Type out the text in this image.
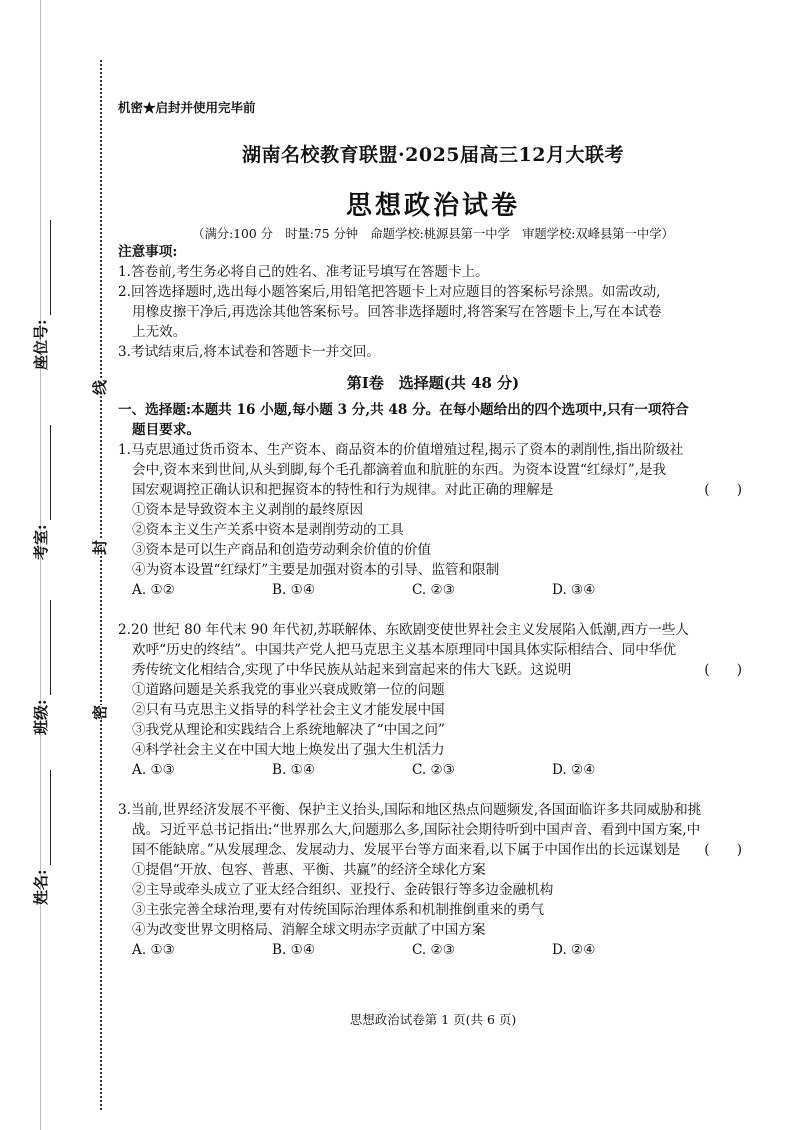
线
封
密
座位号:
考室:
班级:
姓名:
机密★启封并使用完毕前
湖南名校教育联盟·2025届高三12月大联考
思想政治试卷
（满分:100 分　时量:75 分钟　命题学校:桃源县第一中学　审题学校:双峰县第一中学）
注意事项:

1.答卷前,考生务必将自己的姓名、准考证号填写在答题卡上。

2.回答选择题时,选出每小题答案后,用铅笔把答题卡上对应题目的答案标号涂黑。如需改动,

用橡皮擦干净后,再选涂其他答案标号。回答非选择题时,将答案写在答题卡上,写在本试卷

上无效。

3.考试结束后,将本试卷和答题卡一并交回。

第Ⅰ卷　选择题(共 48 分)
一、选择题:本题共 16 小题,每小题 3 分,共 48 分。在每小题给出的四个选项中,只有一项符合
题目要求。

1.马克思通过货币资本、生产资本、商品资本的价值增殖过程,揭示了资本的剥削性,指出阶级社

会中,资本来到世间,从头到脚,每个毛孔都滴着血和肮脏的东西。为资本设置“红绿灯”,是我

国宏观调控正确认识和把握资本的特性和行为规律。对此正确的理解是	(　　)

①资本是导致资本主义剥削的最终原因

②资本主义生产关系中资本是剥削劳动的工具

③资本是可以生产商品和创造劳动剩余价值的价值

④为资本设置“红绿灯”主要是加强对资本的引导、监管和限制

A. ①②	B. ①④	C. ②③	D. ③④

2.20 世纪 80 年代末 90 年代初,苏联解体、东欧剧变使世界社会主义发展陷入低潮,西方一些人

欢呼“历史的终结”。中国共产党人把马克思主义基本原理同中国具体实际相结合、同中华优

秀传统文化相结合,实现了中华民族从站起来到富起来的伟大飞跃。这说明	(　　)

①道路问题是关系我党的事业兴衰成败第一位的问题

②只有马克思主义指导的科学社会主义才能发展中国

③我党从理论和实践结合上系统地解决了“中国之问”

④科学社会主义在中国大地上焕发出了强大生机活力

A. ①③	B. ①④	C. ②③	D. ②④

3.当前,世界经济发展不平衡、保护主义抬头,国际和地区热点问题频发,各国面临许多共同威胁和挑

战。习近平总书记指出:“世界那么大,问题那么多,国际社会期待听到中国声音、看到中国方案,中

国不能缺席。”从发展理念、发展动力、发展平台等方面来看,以下属于中国作出的长远谋划是 (　　)

①提倡“开放、包容、普惠、平衡、共赢”的经济全球化方案

②主导或牵头成立了亚太经合组织、亚投行、金砖银行等多边金融机构

③主张完善全球治理,要有对传统国际治理体系和机制推倒重来的勇气

④为改变世界文明格局、消解全球文明赤字贡献了中国方案

A. ①③	B. ①④	C. ②③	D. ②④
思想政治试卷第 1 页(共 6 页)
